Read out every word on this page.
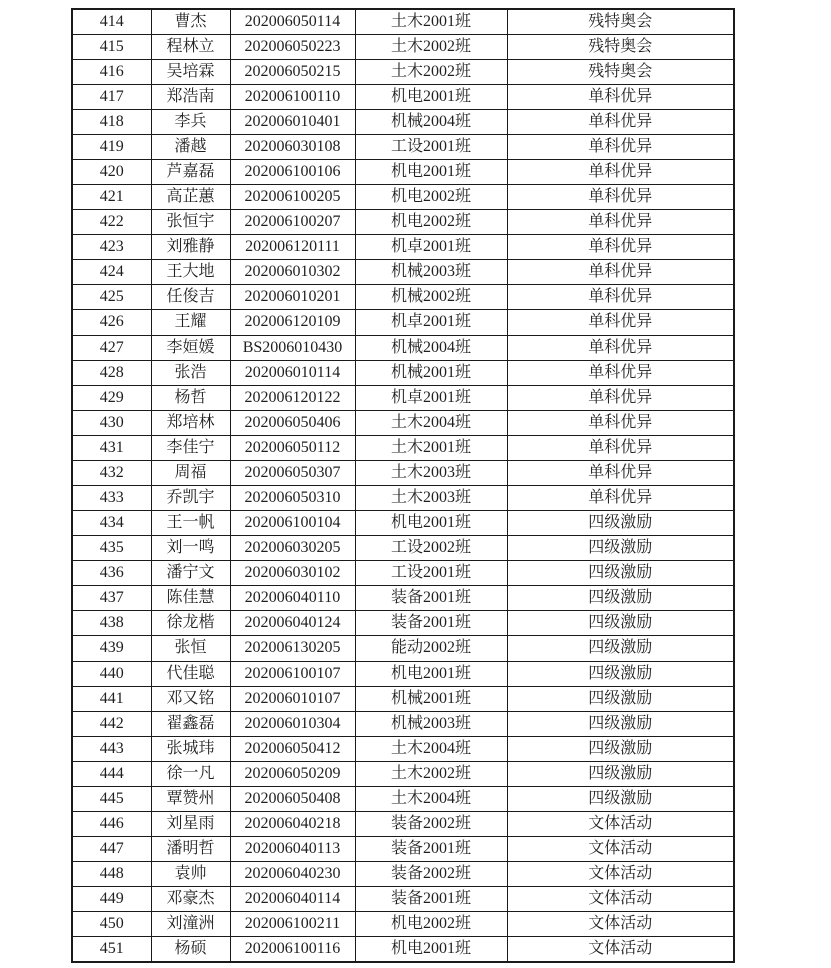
414	曹杰	202006050114	土木2001班	残特奥会
415	程林立	202006050223	土木2002班	残特奥会
416	吴培霖	202006050215	土木2002班	残特奥会
417	郑浩南	202006100110	机电2001班	单科优异
418	李兵	202006010401	机械2004班	单科优异
419	潘越	202006030108	工设2001班	单科优异
420	芦嘉磊	202006100106	机电2001班	单科优异
421	高芷蕙	202006100205	机电2002班	单科优异
422	张恒宇	202006100207	机电2002班	单科优异
423	刘雅静	202006120111	机卓2001班	单科优异
424	王大地	202006010302	机械2003班	单科优异
425	任俊吉	202006010201	机械2002班	单科优异
426	王耀	202006120109	机卓2001班	单科优异
427	李姮媛	BS2006010430	机械2004班	单科优异
428	张浩	202006010114	机械2001班	单科优异
429	杨哲	202006120122	机卓2001班	单科优异
430	郑培林	202006050406	土木2004班	单科优异
431	李佳宁	202006050112	土木2001班	单科优异
432	周福	202006050307	土木2003班	单科优异
433	乔凯宇	202006050310	土木2003班	单科优异
434	王一帆	202006100104	机电2001班	四级激励
435	刘一鸣	202006030205	工设2002班	四级激励
436	潘宁文	202006030102	工设2001班	四级激励
437	陈佳慧	202006040110	装备2001班	四级激励
438	徐龙楷	202006040124	装备2001班	四级激励
439	张恒	202006130205	能动2002班	四级激励
440	代佳聪	202006100107	机电2001班	四级激励
441	邓又铭	202006010107	机械2001班	四级激励
442	翟鑫磊	202006010304	机械2003班	四级激励
443	张城玮	202006050412	土木2004班	四级激励
444	徐一凡	202006050209	土木2002班	四级激励
445	覃赞州	202006050408	土木2004班	四级激励
446	刘星雨	202006040218	装备2002班	文体活动
447	潘明哲	202006040113	装备2001班	文体活动
448	袁帅	202006040230	装备2002班	文体活动
449	邓豪杰	202006040114	装备2001班	文体活动
450	刘潼洲	202006100211	机电2002班	文体活动
451	杨硕	202006100116	机电2001班	文体活动
